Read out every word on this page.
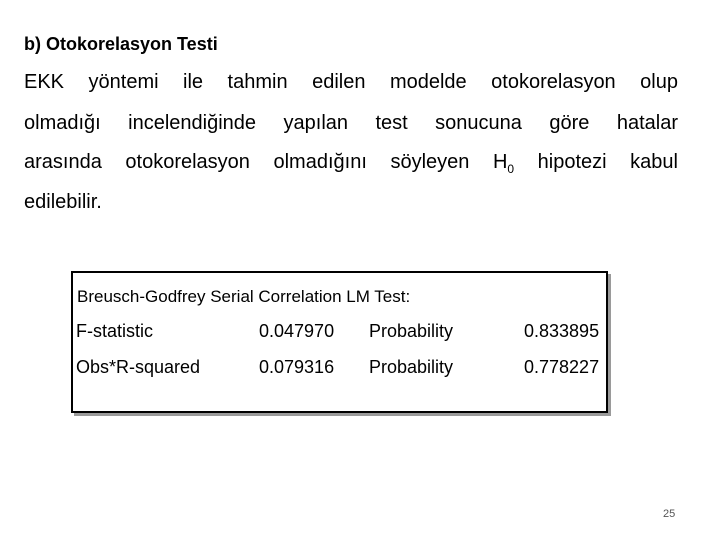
b) Otokorelasyon Testi
EKK yöntemi ile tahmin edilen modelde otokorelasyon olup
olmadığı incelendiğinde yapılan test sonucuna göre hatalar
arasında otokorelasyon olmadığını söyleyen $H_0$ hipotezi kabul
edilebilir.
Breusch-Godfrey Serial Correlation LM Test:
F-statistic	0.047970 Probability	0.833895
Obs*R-squared	0.079316 Probability	0.778227
25
